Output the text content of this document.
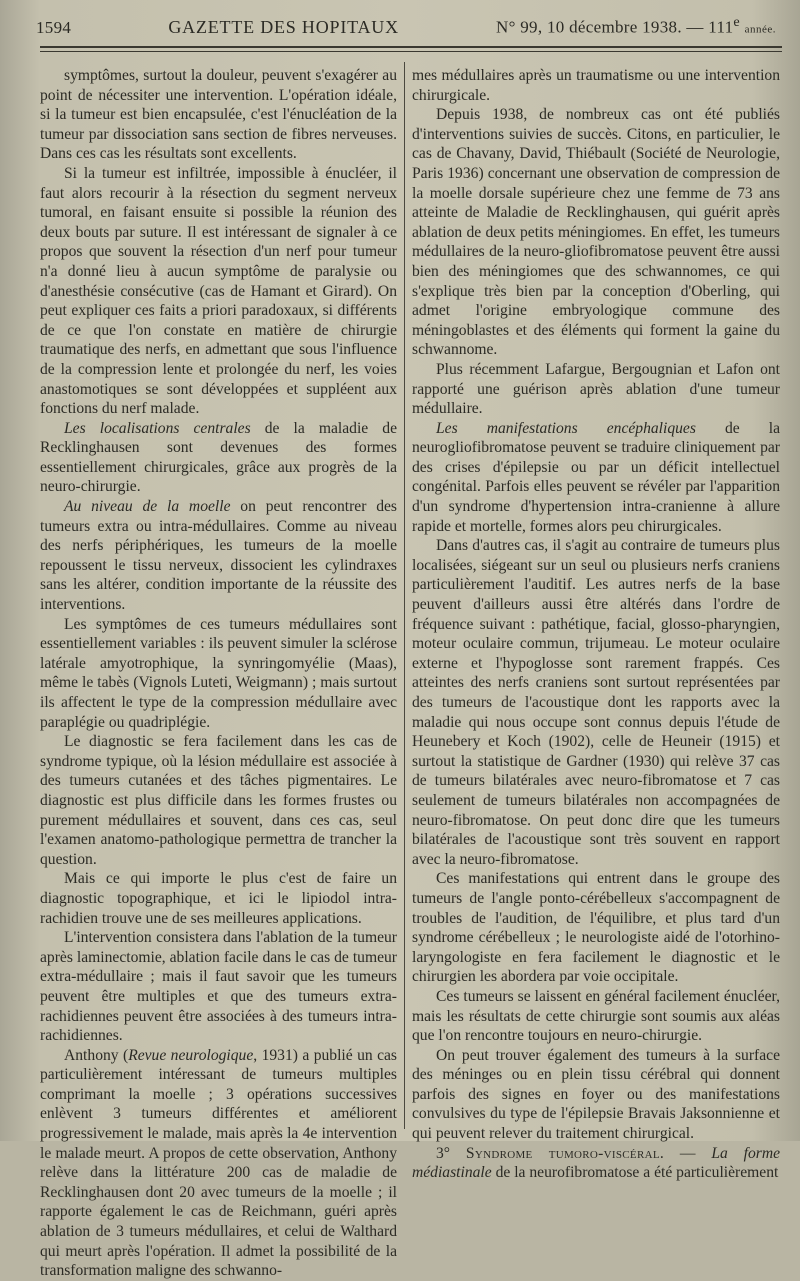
1594	GAZETTE DES HOPITAUX	N° 99, 10 décembre 1938. — 111e année.

symptômes, surtout la douleur, peuvent s'exagérer au point de nécessiter une intervention. L'opération idéale, si la tumeur est bien encapsulée, c'est l'énucléation de la tumeur par dissociation sans section de fibres nerveuses. Dans ces cas les résultats sont excellents.

Si la tumeur est infiltrée, impossible à énucléer, il faut alors recourir à la résection du segment nerveux tumoral, en faisant ensuite si possible la réunion des deux bouts par suture. Il est intéressant de signaler à ce propos que souvent la résection d'un nerf pour tumeur n'a donné lieu à aucun symptôme de paralysie ou d'anesthésie consécutive (cas de Hamant et Girard). On peut expliquer ces faits a priori paradoxaux, si différents de ce que l'on constate en matière de chirurgie traumatique des nerfs, en admettant que sous l'influence de la compression lente et prolongée du nerf, les voies anastomotiques se sont développées et suppléent aux fonctions du nerf malade.

Les localisations centrales de la maladie de Recklinghausen sont devenues des formes essentiellement chirurgicales, grâce aux progrès de la neuro-chirurgie.

Au niveau de la moelle on peut rencontrer des tumeurs extra ou intra-médullaires. Comme au niveau des nerfs périphériques, les tumeurs de la moelle repoussent le tissu nerveux, dissocient les cylindraxes sans les altérer, condition importante de la réussite des interventions.

Les symptômes de ces tumeurs médullaires sont essentiellement variables : ils peuvent simuler la sclérose latérale amyotrophique, la synringomyélie (Maas), même le tabès (Vignols Luteti, Weigmann) ; mais surtout ils affectent le type de la compression médullaire avec paraplégie ou quadriplégie.

Le diagnostic se fera facilement dans les cas de syndrome typique, où la lésion médullaire est associée à des tumeurs cutanées et des tâches pigmentaires. Le diagnostic est plus difficile dans les formes frustes ou purement médullaires et souvent, dans ces cas, seul l'examen anatomo-pathologique permettra de trancher la question.

Mais ce qui importe le plus c'est de faire un diagnostic topographique, et ici le lipiodol intra-rachidien trouve une de ses meilleures applications.

L'intervention consistera dans l'ablation de la tumeur après laminectomie, ablation facile dans le cas de tumeur extra-médullaire ; mais il faut savoir que les tumeurs peuvent être multiples et que des tumeurs extra-rachidiennes peuvent être associées à des tumeurs intra-rachidiennes.

Anthony (Revue neurologique, 1931) a publié un cas particulièrement intéressant de tumeurs multiples comprimant la moelle ; 3 opérations successives enlèvent 3 tumeurs différentes et améliorent progressivement le malade, mais après la 4e intervention le malade meurt. A propos de cette observation, Anthony relève dans la littérature 200 cas de maladie de Recklinghausen dont 20 avec tumeurs de la moelle ; il rapporte également le cas de Reichmann, guéri après ablation de 3 tumeurs médullaires, et celui de Walthard qui meurt après l'opération. Il admet la possibilité de la transformation maligne des schwanno-

mes médullaires après un traumatisme ou une intervention chirurgicale.

Depuis 1938, de nombreux cas ont été publiés d'interventions suivies de succès. Citons, en particulier, le cas de Chavany, David, Thiébault (Société de Neurologie, Paris 1936) concernant une observation de compression de la moelle dorsale supérieure chez une femme de 73 ans atteinte de Maladie de Recklinghausen, qui guérit après ablation de deux petits méningiomes. En effet, les tumeurs médullaires de la neuro-gliofibromatose peuvent être aussi bien des méningiomes que des schwannomes, ce qui s'explique très bien par la conception d'Oberling, qui admet l'origine embryologique commune des méningoblastes et des éléments qui forment la gaine du schwannome.

Plus récemment Lafargue, Bergougnian et Lafon ont rapporté une guérison après ablation d'une tumeur médullaire.

Les manifestations encéphaliques de la neurogliofibromatose peuvent se traduire cliniquement par des crises d'épilepsie ou par un déficit intellectuel congénital. Parfois elles peuvent se révéler par l'apparition d'un syndrome d'hypertension intra-cranienne à allure rapide et mortelle, formes alors peu chirurgicales.

Dans d'autres cas, il s'agit au contraire de tumeurs plus localisées, siégeant sur un seul ou plusieurs nerfs craniens particulièrement l'auditif. Les autres nerfs de la base peuvent d'ailleurs aussi être altérés dans l'ordre de fréquence suivant : pathétique, facial, glosso-pharyngien, moteur oculaire commun, trijumeau. Le moteur oculaire externe et l'hypoglosse sont rarement frappés. Ces atteintes des nerfs craniens sont surtout représentées par des tumeurs de l'acoustique dont les rapports avec la maladie qui nous occupe sont connus depuis l'étude de Heunebery et Koch (1902), celle de Heuneir (1915) et surtout la statistique de Gardner (1930) qui relève 37 cas de tumeurs bilatérales avec neuro-fibromatose et 7 cas seulement de tumeurs bilatérales non accompagnées de neuro-fibromatose. On peut donc dire que les tumeurs bilatérales de l'acoustique sont très souvent en rapport avec la neuro-fibromatose.

Ces manifestations qui entrent dans le groupe des tumeurs de l'angle ponto-cérébelleux s'accompagnent de troubles de l'audition, de l'équilibre, et plus tard d'un syndrome cérébelleux ; le neurologiste aidé de l'otorhino-laryngologiste en fera facilement le diagnostic et le chirurgien les abordera par voie occipitale.

Ces tumeurs se laissent en général facilement énucléer, mais les résultats de cette chirurgie sont soumis aux aléas que l'on rencontre toujours en neuro-chirurgie.

On peut trouver également des tumeurs à la surface des méninges ou en plein tissu cérébral qui donnent parfois des signes en foyer ou des manifestations convulsives du type de l'épilepsie Bravais Jaksonnienne et qui peuvent relever du traitement chirurgical.

3° Syndrome tumoro-viscéral. — La forme médiastinale de la neurofibromatose a été particulièrement
